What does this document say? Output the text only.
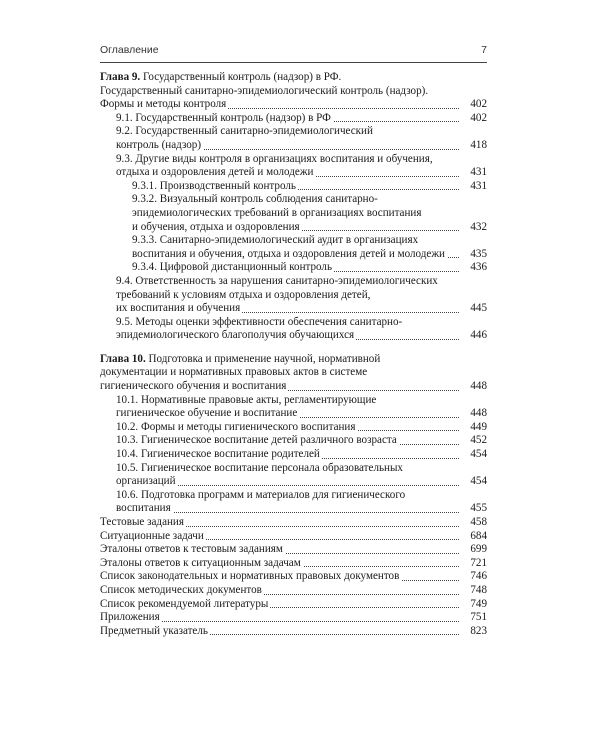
Оглавление	7
Глава 9. Государственный контроль (надзор) в РФ.
Государственный санитарно-эпидемиологический контроль (надзор).
Формы и методы контроля	402
9.1. Государственный контроль (надзор) в РФ	402
9.2. Государственный санитарно-эпидемиологический
контроль (надзор)	418
9.3. Другие виды контроля в организациях воспитания и обучения,
отдыха и оздоровления детей и молодежи	431
9.3.1. Производственный контроль	431
9.3.2. Визуальный контроль соблюдения санитарно-
эпидемиологических требований в организациях воспитания
и обучения, отдыха и оздоровления	432
9.3.3. Санитарно-эпидемиологический аудит в организациях
воспитания и обучения, отдыха и оздоровления детей и молодежи 435
9.3.4. Цифровой дистанционный контроль	436
9.4. Ответственность за нарушения санитарно-эпидемиологических
требований к условиям отдыха и оздоровления детей,
их воспитания и обучения	445
9.5. Методы оценки эффективности обеспечения санитарно-
эпидемиологического благополучия обучающихся	446
Глава 10. Подготовка и применение научной, нормативной
документации и нормативных правовых актов в системе
гигиенического обучения и воспитания	448
10.1. Нормативные правовые акты, регламентирующие
гигиеническое обучение и воспитание	448
10.2. Формы и методы гигиенического воспитания	449
10.3. Гигиеническое воспитание детей различного возраста	452
10.4. Гигиеническое воспитание родителей	454
10.5. Гигиеническое воспитание персонала образовательных
организаций	454
10.6. Подготовка программ и материалов для гигиенического
воспитания	455
Тестовые задания	458
Ситуационные задачи	684
Эталоны ответов к тестовым заданиям	699
Эталоны ответов к ситуационным задачам	721
Список законодательных и нормативных правовых документов	746
Список методических документов	748
Список рекомендуемой литературы	749
Приложения	751
Предметный указатель	823
